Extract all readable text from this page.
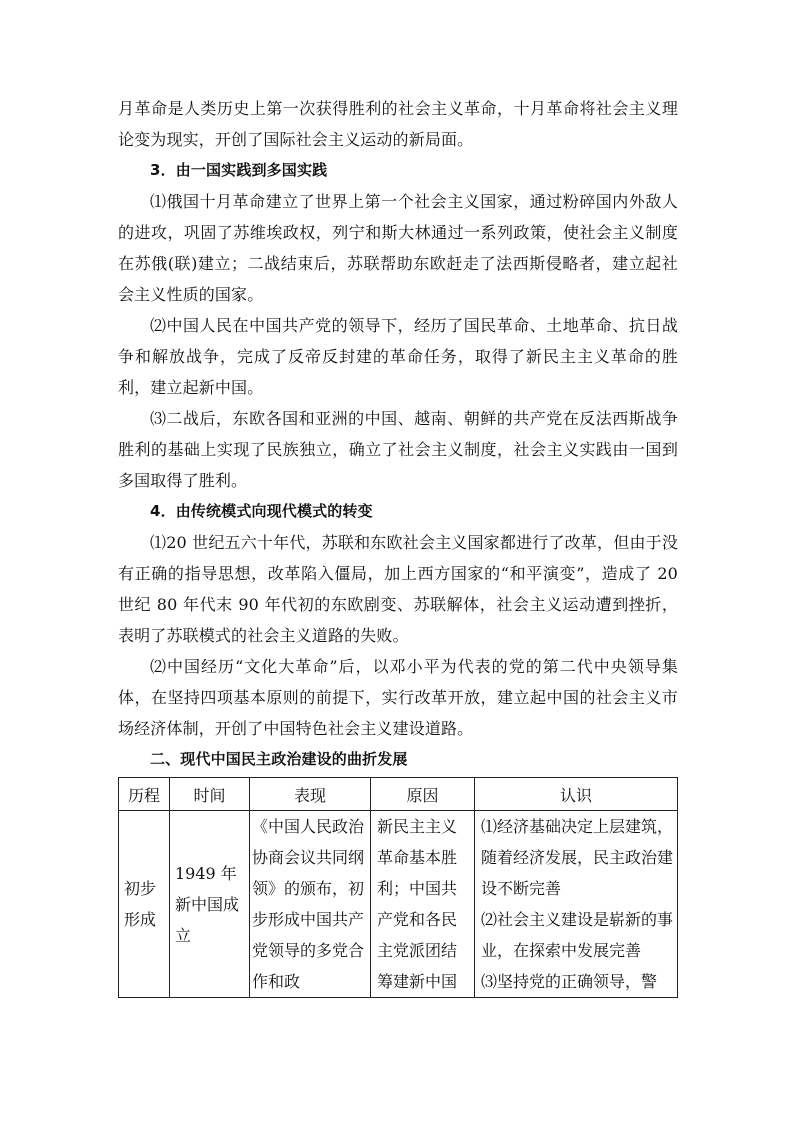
月革命是人类历史上第一次获得胜利的社会主义革命，十月革命将社会主义理论变为现实，开创了国际社会主义运动的新局面。

3．由一国实践到多国实践

⑴俄国十月革命建立了世界上第一个社会主义国家，通过粉碎国内外敌人的进攻，巩固了苏维埃政权，列宁和斯大林通过一系列政策，使社会主义制度在苏俄(联)建立；二战结束后，苏联帮助东欧赶走了法西斯侵略者，建立起社会主义性质的国家。

⑵中国人民在中国共产党的领导下，经历了国民革命、土地革命、抗日战争和解放战争，完成了反帝反封建的革命任务，取得了新民主主义革命的胜利，建立起新中国。

⑶二战后，东欧各国和亚洲的中国、越南、朝鲜的共产党在反法西斯战争胜利的基础上实现了民族独立，确立了社会主义制度，社会主义实践由一国到多国取得了胜利。

4．由传统模式向现代模式的转变

⑴20 世纪五六十年代，苏联和东欧社会主义国家都进行了改革，但由于没有正确的指导思想，改革陷入僵局，加上西方国家的“和平演变”，造成了 20 世纪 80 年代末 90 年代初的东欧剧变、苏联解体，社会主义运动遭到挫折，表明了苏联模式的社会主义道路的失败。

⑵中国经历“文化大革命”后，以邓小平为代表的党的第二代中央领导集体，在坚持四项基本原则的前提下，实行改革开放，建立起中国的社会主义市场经济体制，开创了中国特色社会主义建设道路。

二、现代中国民主政治建设的曲折发展

历程	时间	表现	原因	认识

初步形成	1949 年新中国成立	《中国人民政治协商会议共同纲领》的颁布，初步形成中国共产党领导的多党合作和政	新民主主义革命基本胜利；中国共产党和各民主党派团结筹建新中国	⑴经济基础决定上层建筑，随着经济发展，民主政治建设不断完善
⑵社会主义建设是崭新的事业，在探索中发展完善
⑶坚持党的正确领导，警
